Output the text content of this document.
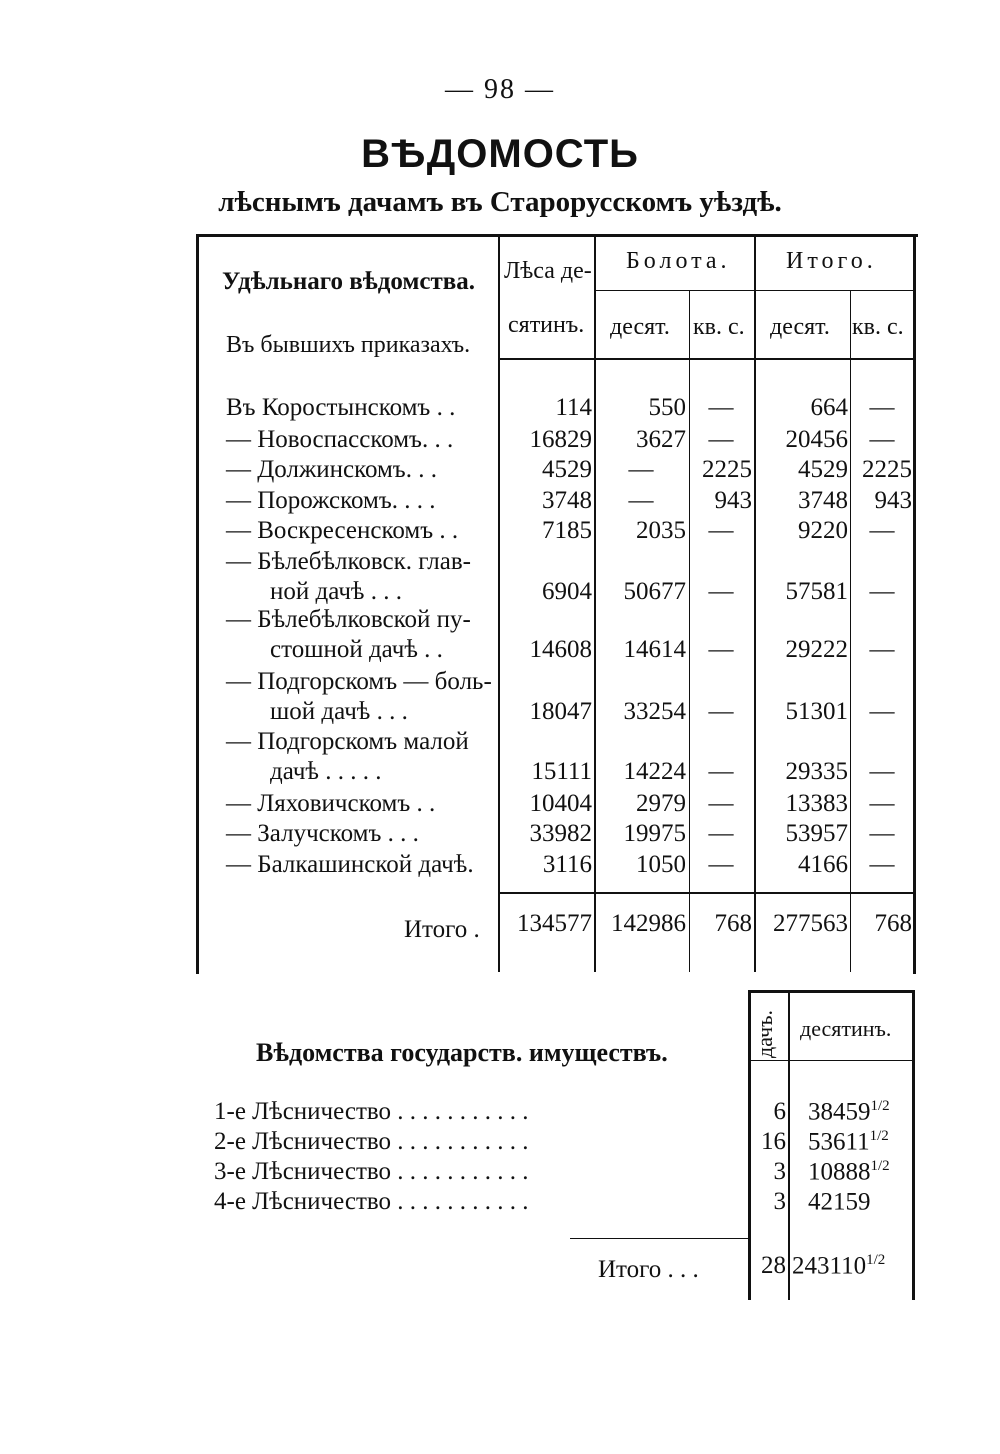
— 98 —
ВѢДОМОСТЬ
лѣснымъ дачамъ въ Старорусскомъ уѣздѣ.
Удѣльнаго вѣдомства.
Въ бывшихъ приказахъ.
Лѣса де-
сятинъ.
Болота. Итого.
десят. кв. с. десят. кв. с.
Въ Коростынскомъ . .	114	550 —	664 —
— Новоспасскомъ. . .	16829	3627 —	20456 —
— Должинскомъ. . .	4529	—	2225	4529 2225
— Порожскомъ. . . .	3748	—	943	3748	943
— Воскресенскомъ . .	7185	2035 —	9220 —
— Бѣлебѣлковск. глав-
ной дачѣ . . .	6904	50677 —	57581 —
— Бѣлебѣлковской пу-
стошной дачѣ . .	14608	14614 —	29222 —
— Подгорскомъ — боль-
шой дачѣ . . .	18047	33254 —	51301 —
— Подгорскомъ малой
дачѣ . . . . .	15111	14224 —	29335 —
— Ляховичскомъ . .	10404	2979 —	13383 —
— Залучскомъ . . .	33982	19975 —	53957 —
— Балкашинской дачѣ.	3116	1050 —	4166 —
Итого .	134577 142986	768 277563	768
Вѣдомства государств. имуществъ.	дачъ. десятинъ.
1-е Лѣсничество . . . . . . . . . . .	6 $38459^{1/2}$
2-е Лѣсничество . . . . . . . . . . .	16 $53611^{1/2}$
3-е Лѣсничество . . . . . . . . . . .	3 $10888^{1/2}$
4-е Лѣсничество . . . . . . . . . . .	3 42159
Итого . . .	28 $243110^{1/2}$
